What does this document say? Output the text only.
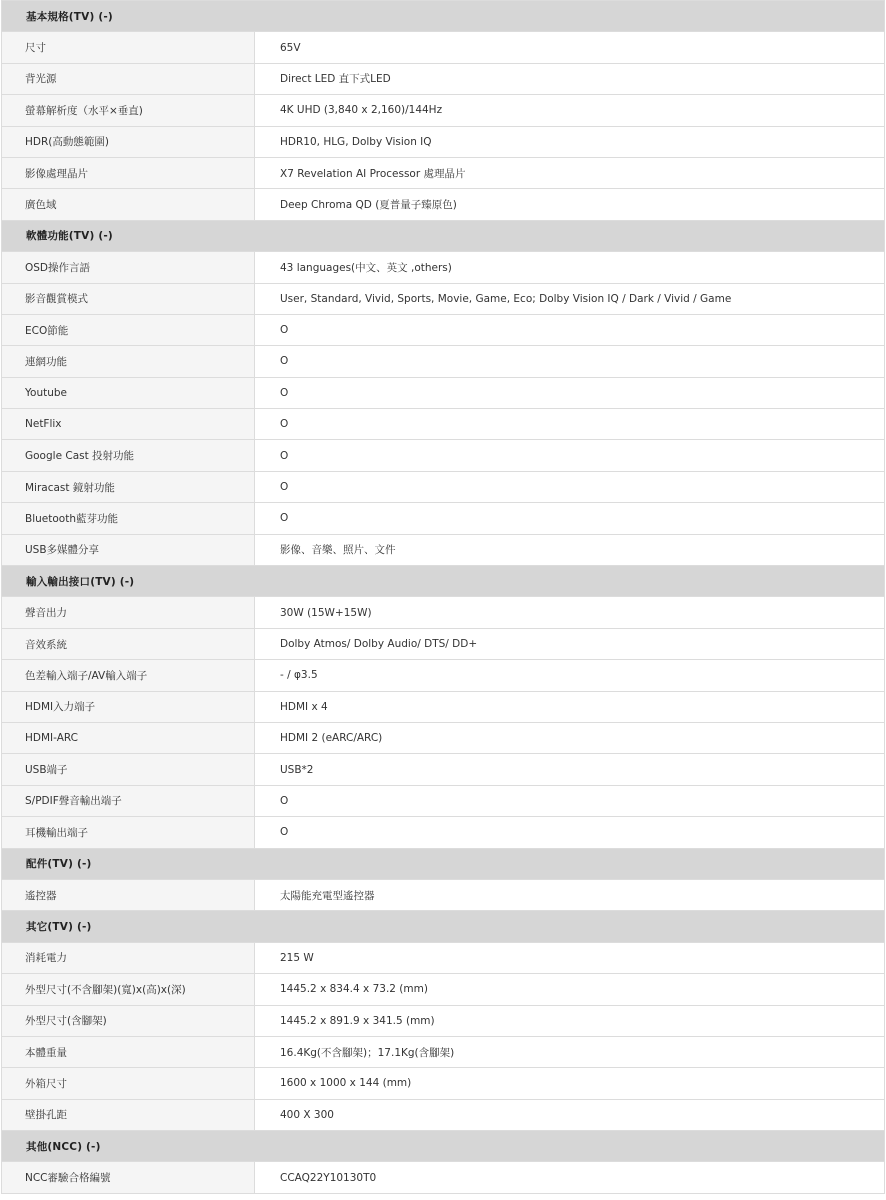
基本規格(TV) (-)
尺寸	65V
背光源	Direct LED 直下式LED
螢幕解析度（水平×垂直)	4K UHD (3,840 x 2,160)/144Hz
HDR(高動態範圍)	HDR10, HLG, Dolby Vision IQ
影像處理晶片	X7 Revelation AI Processor 處理晶片
廣色域	Deep Chroma QD (夏普量子臻原色)
軟體功能(TV) (-)
OSD操作言語	43 languages(中文、英文 ,others)
影音觀賞模式	User, Standard, Vivid, Sports, Movie, Game, Eco; Dolby Vision IQ / Dark / Vivid / Game
ECO節能	O
連網功能	O
Youtube	O
NetFlix	O
Google Cast 投射功能	O
Miracast 鏡射功能	O
Bluetooth藍芽功能	O
USB多媒體分享	影像、音樂、照片、文件
輸入輸出接口(TV) (-)
聲音出力	30W (15W+15W)
音效系統	Dolby Atmos/ Dolby Audio/ DTS/ DD+
色差輸入端子/AV輸入端子	- / φ3.5
HDMI入力端子	HDMI x 4
HDMI-ARC	HDMI 2 (eARC/ARC)
USB端子	USB*2
S/PDIF聲音輸出端子	O
耳機輸出端子	O
配件(TV) (-)
遙控器	太陽能充電型遙控器
其它(TV) (-)
消耗電力	215 W
外型尺寸(不含腳架)(寬)x(高)x(深)	1445.2 x 834.4 x 73.2 (mm)
外型尺寸(含腳架)	1445.2 x 891.9 x 341.5 (mm)
本體重量	16.4Kg(不含腳架)；17.1Kg(含腳架)
外箱尺寸	1600 x 1000 x 144 (mm)
壁掛孔距	400 X 300
其他(NCC) (-)
NCC審驗合格編號	CCAQ22Y10130T0
